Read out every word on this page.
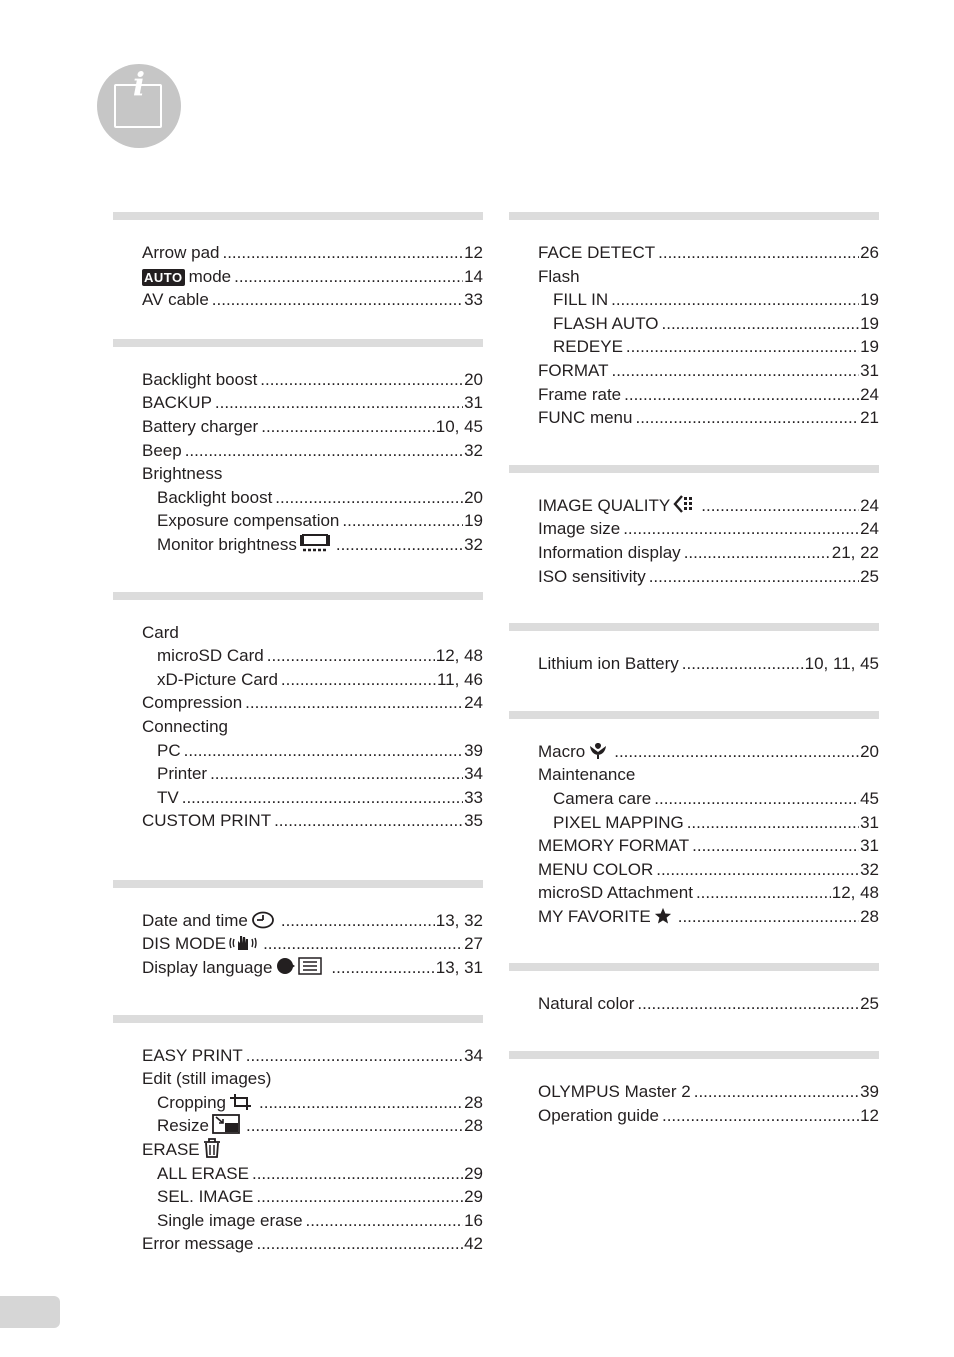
i
Arrow pad .....	12
AUTO mode .....	14
AV cable .....	33
Backlight boost .....	20
BACKUP .....	31
Battery charger .....	10, 45
Beep .....	32
Brightness
Backlight boost .....	20
Exposure compensation .....	19
Monitor brightness .....	32
Card
microSD Card .....	12, 48
xD-Picture Card .....	11, 46
Compression .....	24
Connecting
PC .....	39
Printer .....	34
TV .....	33
CUSTOM PRINT .....	35
Date and time .....	13, 32
DIS MODE .....	27
Display language .....	13, 31
EASY PRINT .....	34
Edit (still images)
Cropping .....	28
Resize .....	28
ERASE
ALL ERASE .....	29
SEL. IMAGE .....	29
Single image erase .....	16
Error message .....	42
FACE DETECT .....	26
Flash
FILL IN .....	19
FLASH AUTO .....	19
REDEYE .....	19
FORMAT .....	31
Frame rate .....	24
FUNC menu .....	21
IMAGE QUALITY .....	24
Image size .....	24
Information display .....	21, 22
ISO sensitivity .....	25
Lithium ion Battery .....	10, 11, 45
Macro .....	20
Maintenance
Camera care .....	45
PIXEL MAPPING .....	31
MEMORY FORMAT .....	31
MENU COLOR .....	32
microSD Attachment .....	12, 48
MY FAVORITE .....	28
Natural color .....	25
OLYMPUS Master 2 .....	39
Operation guide .....	12
